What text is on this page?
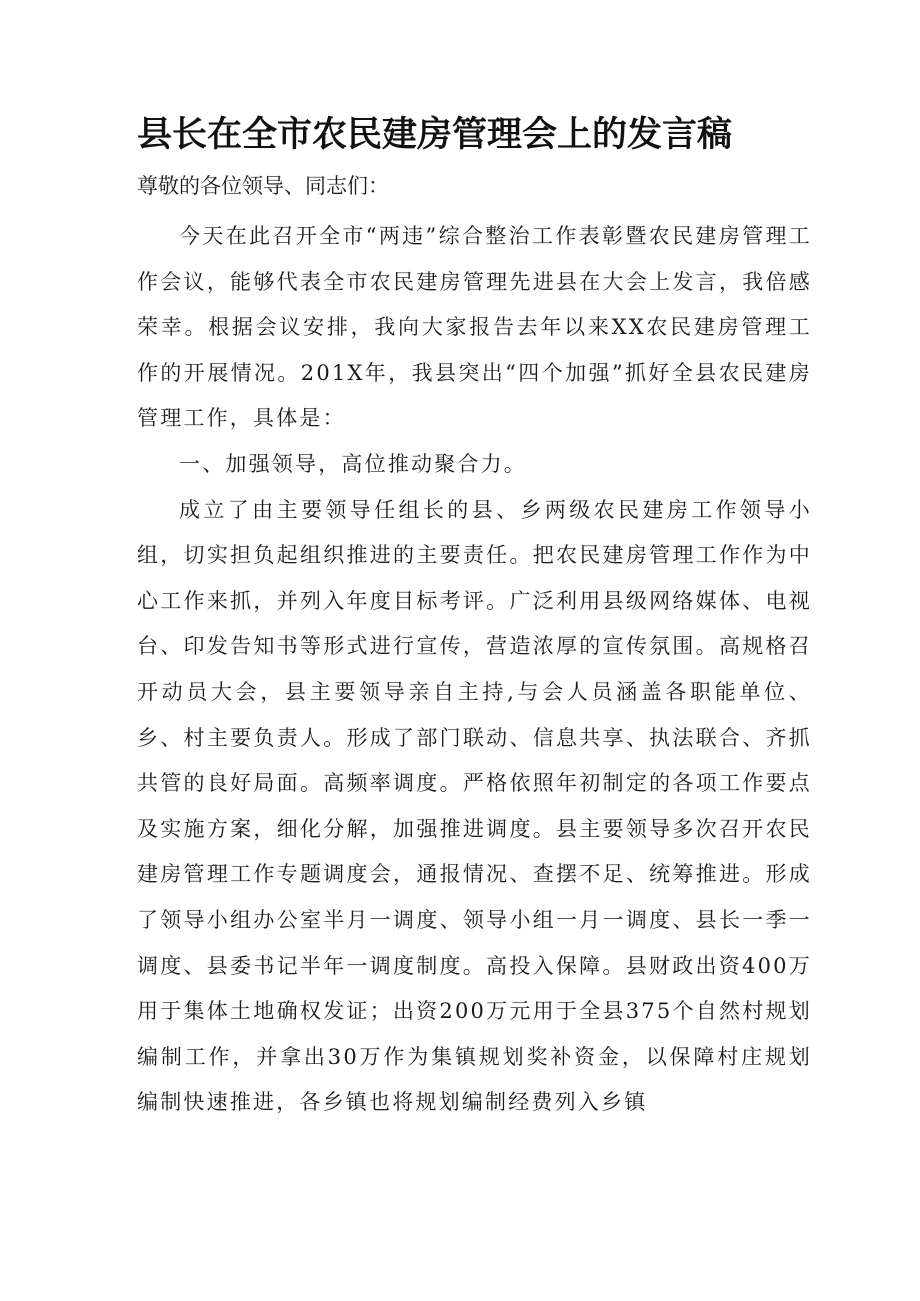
县长在全市农民建房管理会上的发言稿

尊敬的各位领导、同志们：

今天在此召开全市“两违”综合整治工作表彰暨农民建房管理工作会议，能够代表全市农民建房管理先进县在大会上发言，我倍感荣幸。根据会议安排，我向大家报告去年以来XX农民建房管理工作的开展情况。201X年，我县突出“四个加强”抓好全县农民建房管理工作，具体是：

一、加强领导，高位推动聚合力。

成立了由主要领导任组长的县、乡两级农民建房工作领导小组，切实担负起组织推进的主要责任。把农民建房管理工作作为中心工作来抓，并列入年度目标考评。广泛利用县级网络媒体、电视台、印发告知书等形式进行宣传，营造浓厚的宣传氛围。高规格召开动员大会，县主要领导亲自主持,与会人员涵盖各职能单位、乡、村主要负责人。形成了部门联动、信息共享、执法联合、齐抓共管的良好局面。高频率调度。严格依照年初制定的各项工作要点及实施方案，细化分解，加强推进调度。县主要领导多次召开农民建房管理工作专题调度会，通报情况、查摆不足、统筹推进。形成了领导小组办公室半月一调度、领导小组一月一调度、县长一季一调度、县委书记半年一调度制度。高投入保障。县财政出资400万用于集体土地确权发证；出资200万元用于全县375个自然村规划编制工作，并拿出30万作为集镇规划奖补资金，以保障村庄规划编制快速推进，各乡镇也将规划编制经费列入乡镇
